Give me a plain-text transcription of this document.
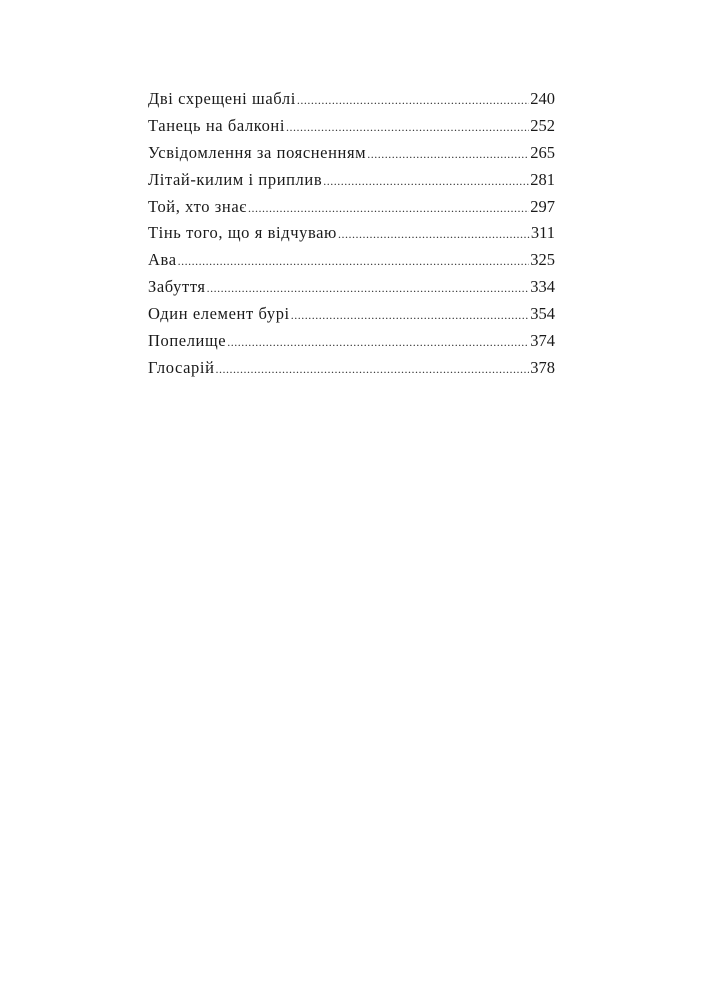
Дві схрещені шаблі .....	240
Танець на балконі .....	252
Усвідомлення за поясненням .....	265
Літай-килим і приплив .....	281
Той, хто знає .....	297
Тінь того, що я відчуваю .....	311
Ава .....	325
Забуття .....	334
Один елемент бурі .....	354
Попелище .....	374
Глосарій .....	378
